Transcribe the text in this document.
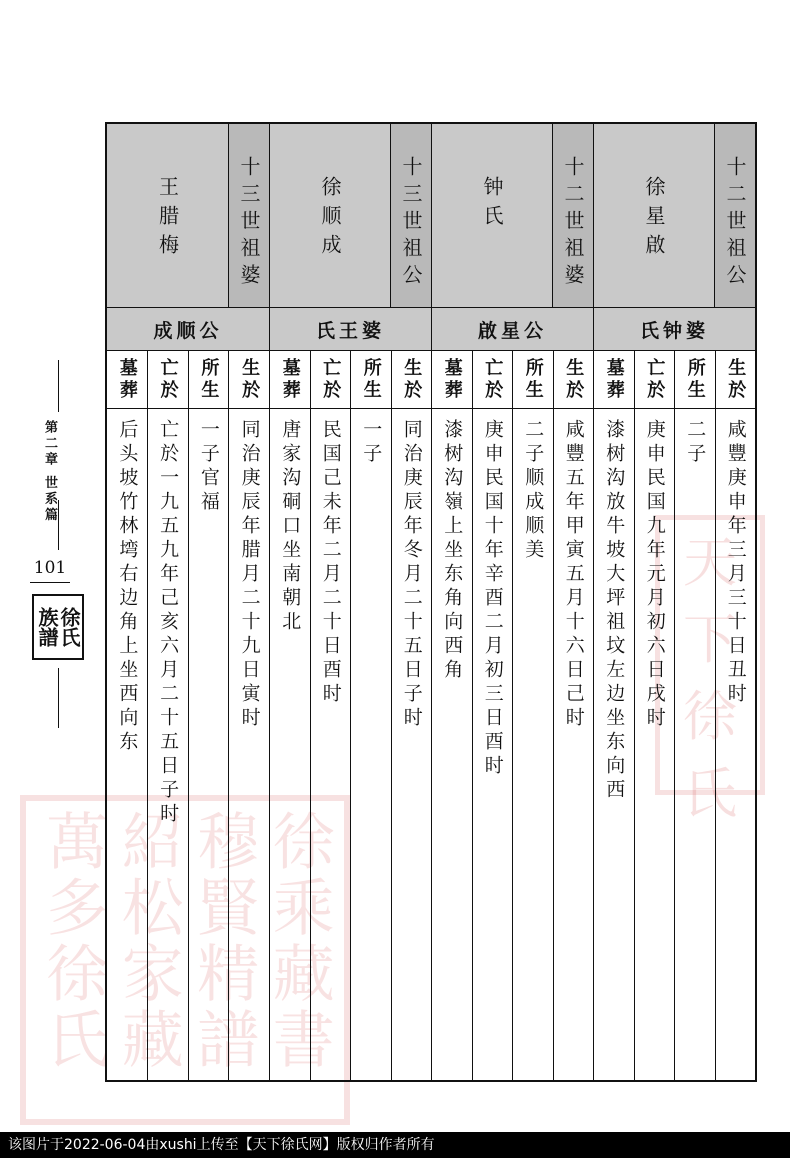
徐乘藏書
穆賢精譜
紹松家藏
萬多徐氏
天
下
徐
氏
第二章 世系篇
101
徐氏
族譜

十二世祖公

徐星啟

氏钟婆

生於

咸豐庚申年三月三十日丑时

所生

二子

亡於

庚申民国九年元月初六日戌时

墓葬

漆树沟放牛坡大坪祖坟左边坐东向西

十二世祖婆

钟氏

啟星公

生於

咸豐五年甲寅五月十六日己时

所生

二子顺成顺美

亡於

庚申民国十年辛酉二月初三日酉时

墓葬

漆树沟嶺上坐东角向西角

十三世祖公

徐顺成

氏王婆

生於

同治庚辰年冬月二十五日子时

所生

一子

亡於

民国己未年二月二十日酉时

墓葬

唐家沟硐口坐南朝北

十三世祖婆

王腊梅

成顺公

生於

同治庚辰年腊月二十九日寅时

所生

一子官福

亡於

亡於一九五九年己亥六月二十五日子时

墓葬

后头坡竹林塆右边角上坐西向东

该图片于2022-06-04由xushi上传至【天下徐氏网】版权归作者所有
